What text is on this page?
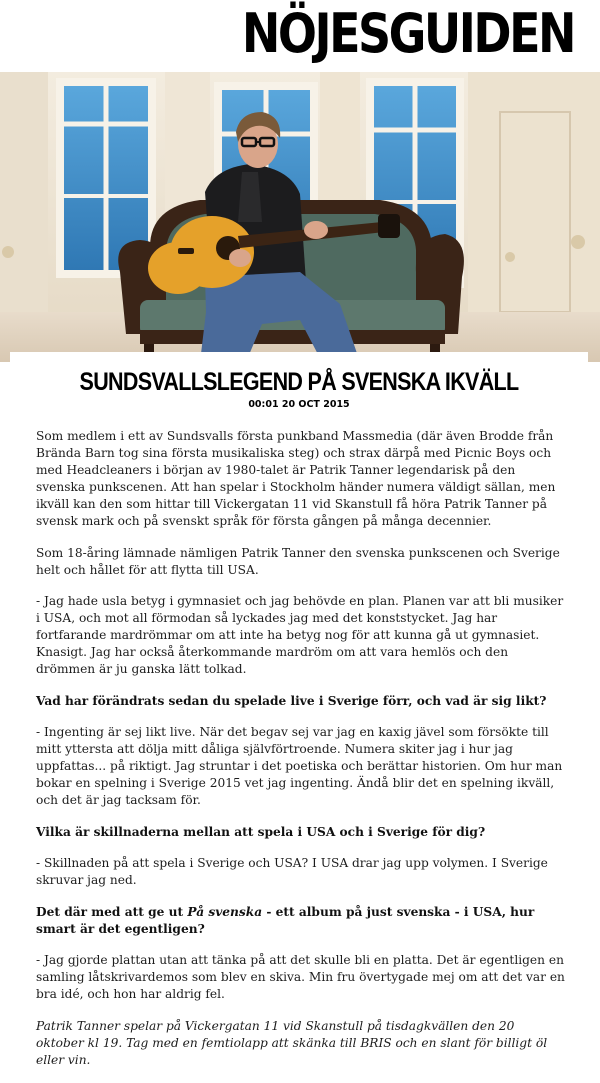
NÖJESGUIDEN
SUNDSVALLSLEGEND PÅ SVENSKA IKVÄLL
00:01 20 OCT 2015

Som medlem i ett av Sundsvalls första punkband Massmedia (där även Brodde från Brända Barn tog sina första musikaliska steg) och strax därpå med Picnic Boys och med Headcleaners i början av 1980-talet är Patrik Tanner legendarisk på den svenska punkscenen. Att han spelar i Stockholm händer numera väldigt sällan, men ikväll kan den som hittar till Vickergatan 11 vid Skanstull få höra Patrik Tanner på svensk mark och på svenskt språk för första gången på många decennier.

Som 18-åring lämnade nämligen Patrik Tanner den svenska punkscenen och Sverige helt och hållet för att flytta till USA.

- Jag hade usla betyg i gymnasiet och jag behövde en plan. Planen var att bli musiker i USA, och mot all förmodan så lyckades jag med det konststycket. Jag har fortfarande mardrömmar om att inte ha betyg nog för att kunna gå ut gymnasiet. Knasigt. Jag har också återkommande mardröm om att vara hemlös och den drömmen är ju ganska lätt tolkad.

Vad har förändrats sedan du spelade live i Sverige förr, och vad är sig likt?

- Ingenting är sej likt live. När det begav sej var jag en kaxig jävel som försökte till mitt yttersta att dölja mitt dåliga självförtroende. Numera skiter jag i hur jag uppfattas... på riktigt. Jag struntar i det poetiska och berättar historien. Om hur man bokar en spelning i Sverige 2015 vet jag ingenting. Ändå blir det en spelning ikväll, och det är jag tacksam för.

Vilka är skillnaderna mellan att spela i USA och i Sverige för dig?

- Skillnaden på att spela i Sverige och USA? I USA drar jag upp volymen. I Sverige skruvar jag ned.

Det där med att ge ut På svenska - ett album på just svenska - i USA, hur smart är det egentligen?

- Jag gjorde plattan utan att tänka på att det skulle bli en platta. Det är egentligen en samling låtskrivardemos som blev en skiva. Min fru övertygade mej om att det var en bra idé, och hon har aldrig fel.

Patrik Tanner spelar på Vickergatan 11 vid Skanstull på tisdagkvällen den 20 oktober kl 19. Tag med en femtiolapp att skänka till BRIS och en slant för billigt öl eller vin.
